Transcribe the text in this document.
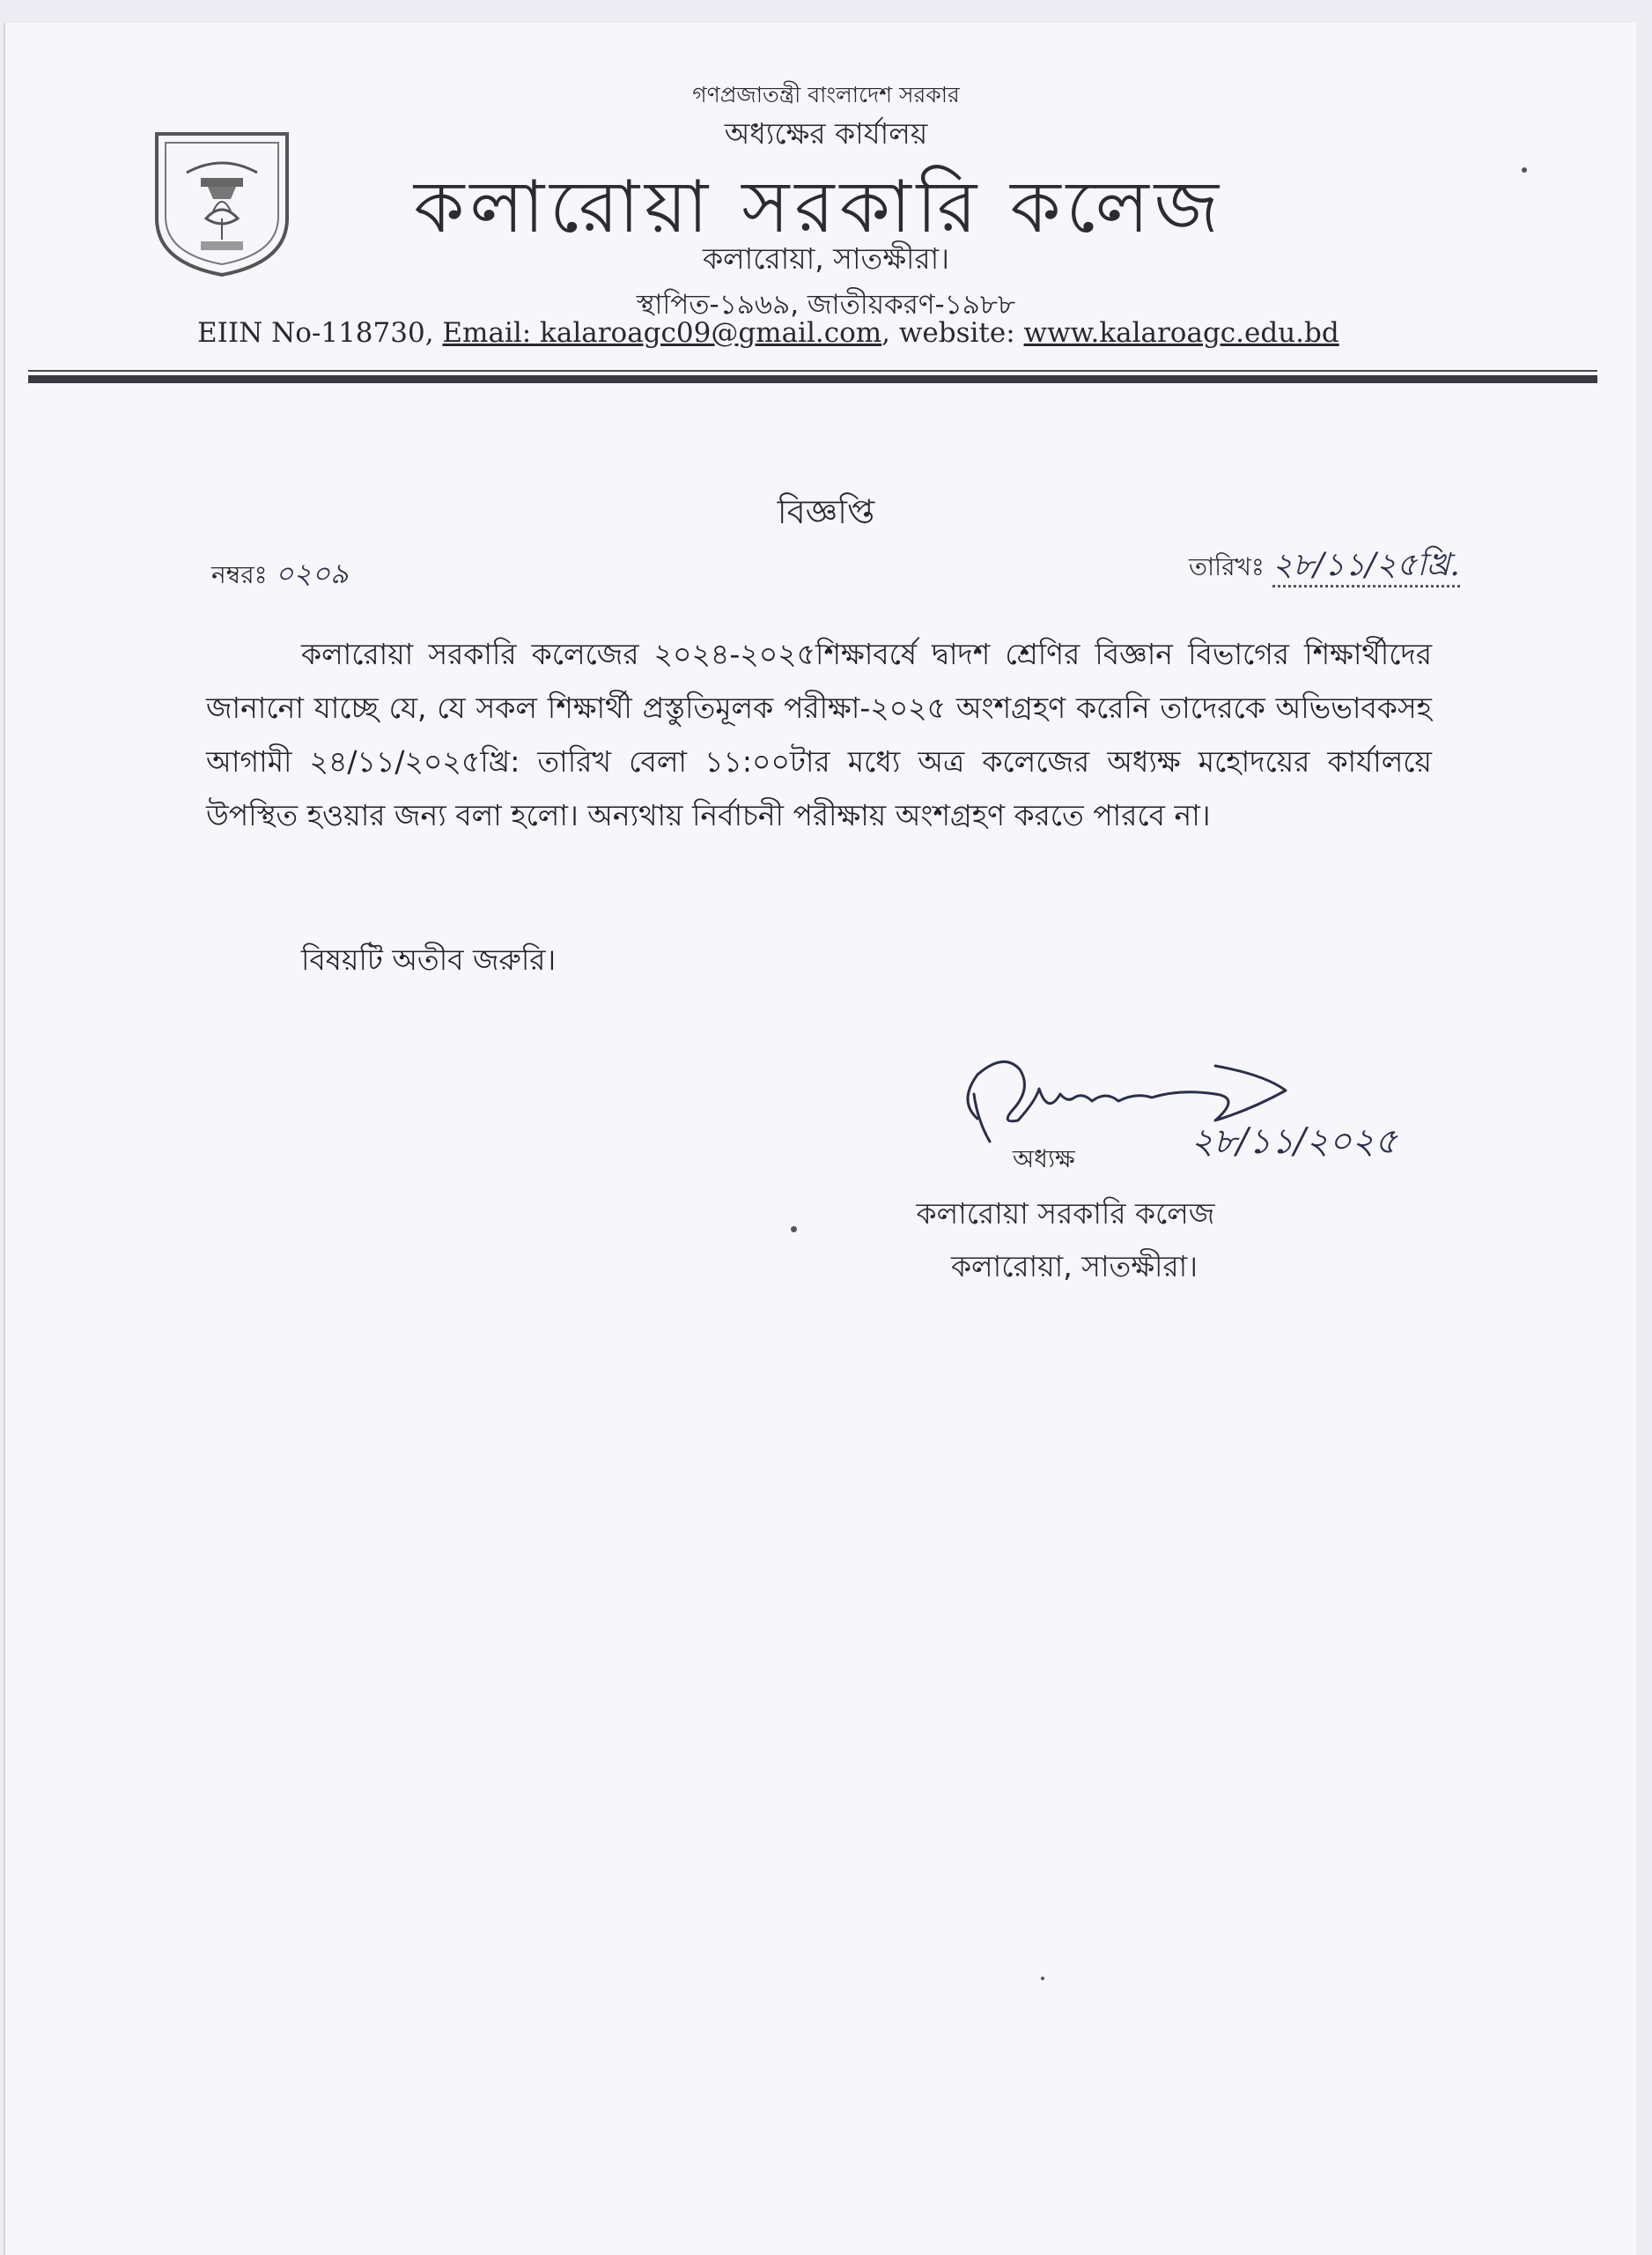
গণপ্রজাতন্ত্রী বাংলাদেশ সরকার
অধ্যক্ষের কার্যালয়
কলারোয়া সরকারি কলেজ
কলারোয়া, সাতক্ষীরা।
স্থাপিত-১৯৬৯, জাতীয়করণ-১৯৮৮
EIIN No-118730, Email: kalaroagc09@gmail.com, website: www.kalaroagc.edu.bd
বিজ্ঞপ্তি
নম্বরঃ ০২০৯	তারিখঃ ২৮/১১/২৫খ্রি.
কলারোয়া সরকারি কলেজের ২০২৪-২০২৫শিক্ষাবর্ষে দ্বাদশ শ্রেণির বিজ্ঞান বিভাগের শিক্ষার্থীদের জানানো যাচ্ছে যে, যে সকল শিক্ষার্থী প্রস্তুতিমূলক পরীক্ষা-২০২৫ অংশগ্রহণ করেনি তাদেরকে অভিভাবকসহ আগামী ২৪/১১/২০২৫খ্রি: তারিখ বেলা ১১:০০টার মধ্যে অত্র কলেজের অধ্যক্ষ মহোদয়ের কার্যালয়ে উপস্থিত হওয়ার জন্য বলা হলো। অন্যথায় নির্বাচনী পরীক্ষায় অংশগ্রহণ করতে পারবে না।
বিষয়টি অতীব জরুরি।
২৮/১১/২০২৫
অধ্যক্ষ
কলারোয়া সরকারি কলেজ
কলারোয়া, সাতক্ষীরা।
